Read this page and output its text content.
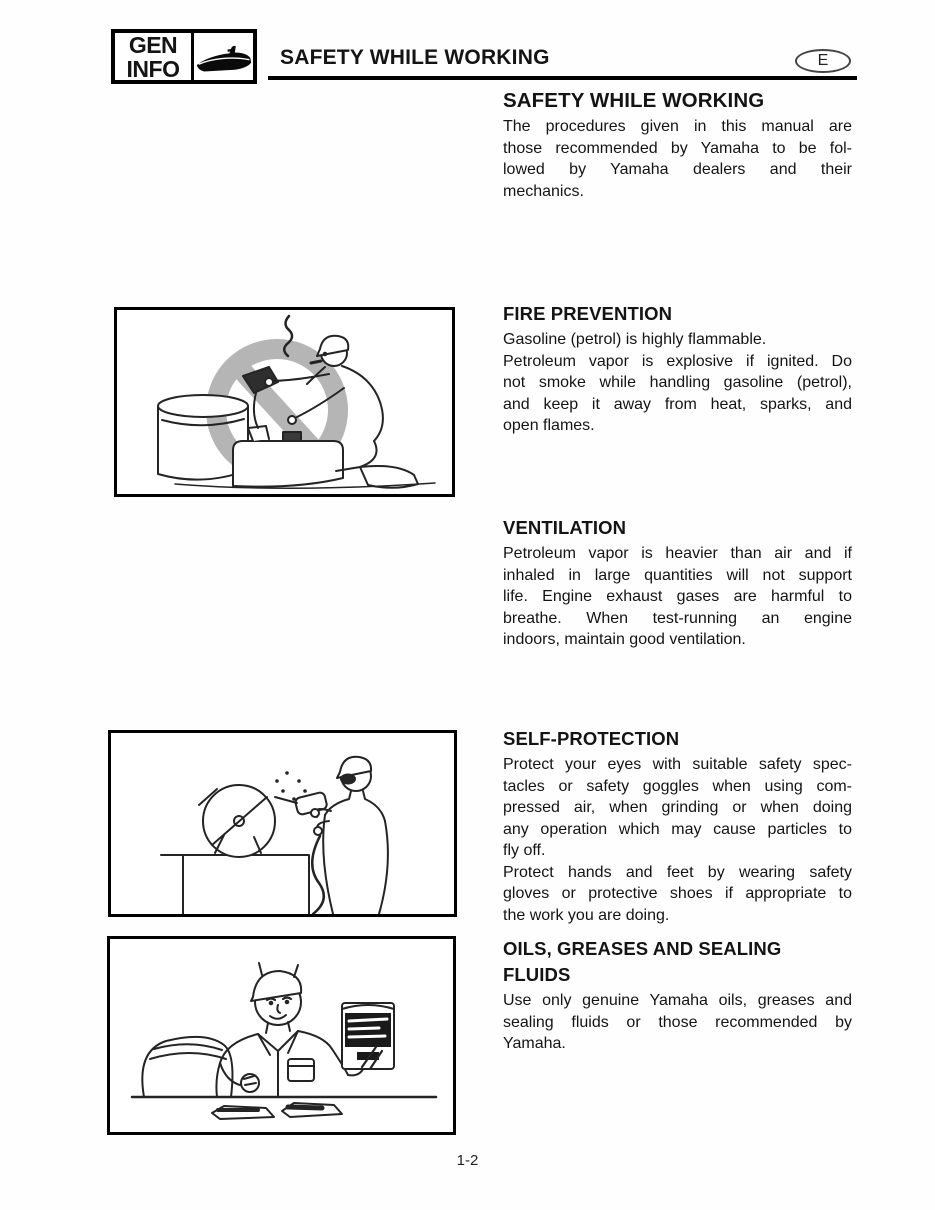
GEN
INFO	SAFETY WHILE WORKING	E
SAFETY WHILE WORKING
The procedures given in this manual are
those recommended by Yamaha to be fol-
lowed by Yamaha dealers and their
mechanics.
FIRE PREVENTION
Gasoline (petrol) is highly flammable.
Petroleum vapor is explosive if ignited. Do
not smoke while handling gasoline (petrol),
and keep it away from heat, sparks, and
open flames.
VENTILATION
Petroleum vapor is heavier than air and if
inhaled in large quantities will not support
life. Engine exhaust gases are harmful to
breathe. When test-running an engine
indoors, maintain good ventilation.
SELF-PROTECTION
Protect your eyes with suitable safety spec-
tacles or safety goggles when using com-
pressed air, when grinding or when doing
any operation which may cause particles to
fly off.
Protect hands and feet by wearing safety
gloves or protective shoes if appropriate to
the work you are doing.
OILS, GREASES AND SEALING
FLUIDS
Use only genuine Yamaha oils, greases and
sealing fluids or those recommended by
Yamaha.
1-2
